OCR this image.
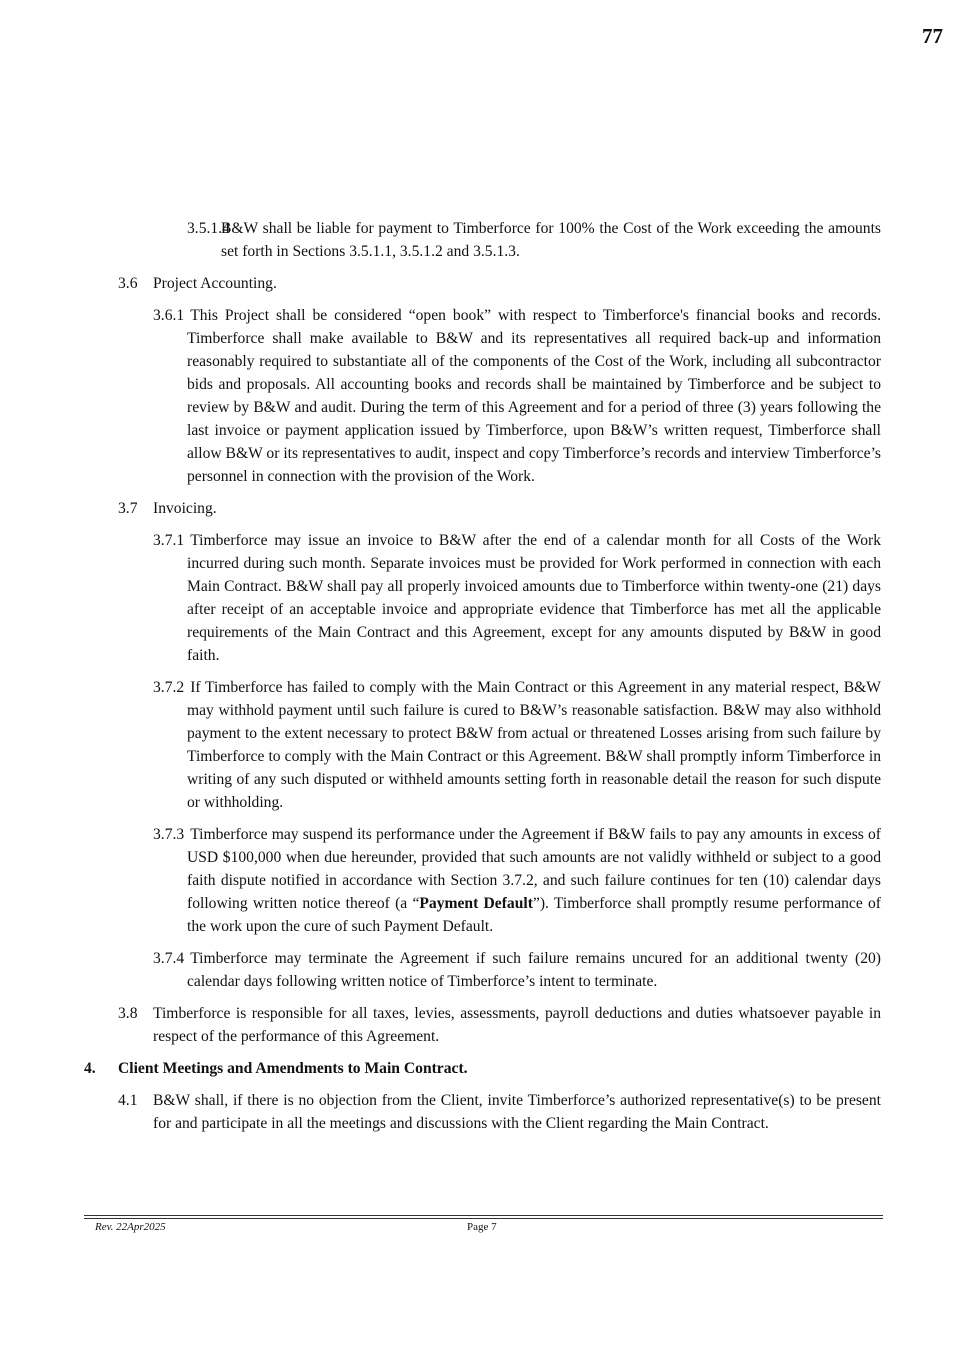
77
3.5.1.4
B&W shall be liable for payment to Timberforce for 100% the Cost of the Work exceeding the amounts set forth in Sections 3.5.1.1, 3.5.1.2 and 3.5.1.3.
3.6 Project Accounting.
3.6.1 This Project shall be considered “open book” with respect to Timberforce's financial books and records. Timberforce shall make available to B&W and its representatives all required back-up and information reasonably required to substantiate all of the components of the Cost of the Work, including all subcontractor bids and proposals. All accounting books and records shall be maintained by Timberforce and be subject to review by B&W and audit. During the term of this Agreement and for a period of three (3) years following the last invoice or payment application issued by Timberforce, upon B&W’s written request, Timberforce shall allow B&W or its representatives to audit, inspect and copy Timberforce’s records and interview Timberforce’s personnel in connection with the provision of the Work.
3.7 Invoicing.
3.7.1 Timberforce may issue an invoice to B&W after the end of a calendar month for all Costs of the Work incurred during such month. Separate invoices must be provided for Work performed in connection with each Main Contract. B&W shall pay all properly invoiced amounts due to Timberforce within twenty-one (21) days after receipt of an acceptable invoice and appropriate evidence that Timberforce has met all the applicable requirements of the Main Contract and this Agreement, except for any amounts disputed by B&W in good faith.
3.7.2 If Timberforce has failed to comply with the Main Contract or this Agreement in any material respect, B&W may withhold payment until such failure is cured to B&W’s reasonable satisfaction. B&W may also withhold payment to the extent necessary to protect B&W from actual or threatened Losses arising from such failure by Timberforce to comply with the Main Contract or this Agreement. B&W shall promptly inform Timberforce in writing of any such disputed or withheld amounts setting forth in reasonable detail the reason for such dispute or withholding.
3.7.3 Timberforce may suspend its performance under the Agreement if B&W fails to pay any amounts in excess of USD $100,000 when due hereunder, provided that such amounts are not validly withheld or subject to a good faith dispute notified in accordance with Section 3.7.2, and such failure continues for ten (10) calendar days following written notice thereof (a “Payment Default”). Timberforce shall promptly resume performance of the work upon the cure of such Payment Default.
3.7.4 Timberforce may terminate the Agreement if such failure remains uncured for an additional twenty (20) calendar days following written notice of Timberforce’s intent to terminate.
3.8 Timberforce is responsible for all taxes, levies, assessments, payroll deductions and duties whatsoever payable in respect of the performance of this Agreement.
4. Client Meetings and Amendments to Main Contract.
4.1 B&W shall, if there is no objection from the Client, invite Timberforce’s authorized representative(s) to be present for and participate in all the meetings and discussions with the Client regarding the Main Contract.
Rev. 22Apr2025	Page 7
